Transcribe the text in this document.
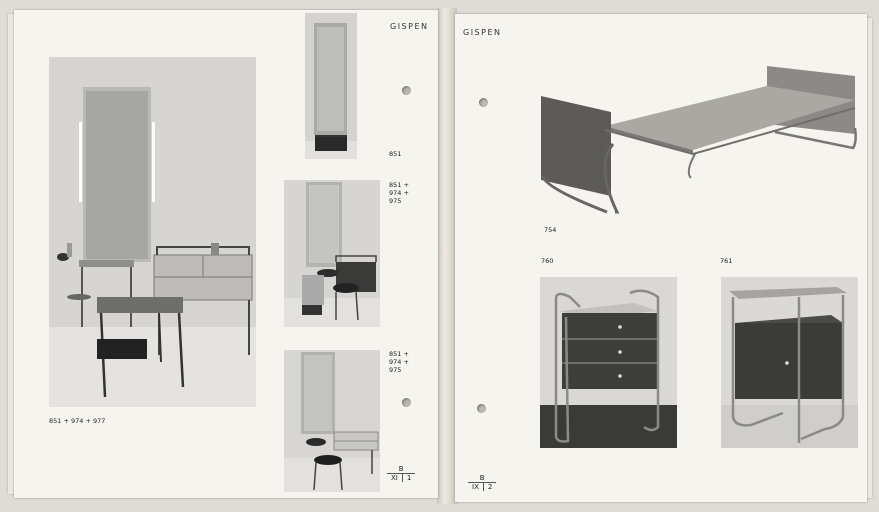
GISPEN
851 + 974 + 977
851
851 +
974 +
975
851 +
974 +
975
B
XI	1
GISPEN
754
760	761
B
IX	2
